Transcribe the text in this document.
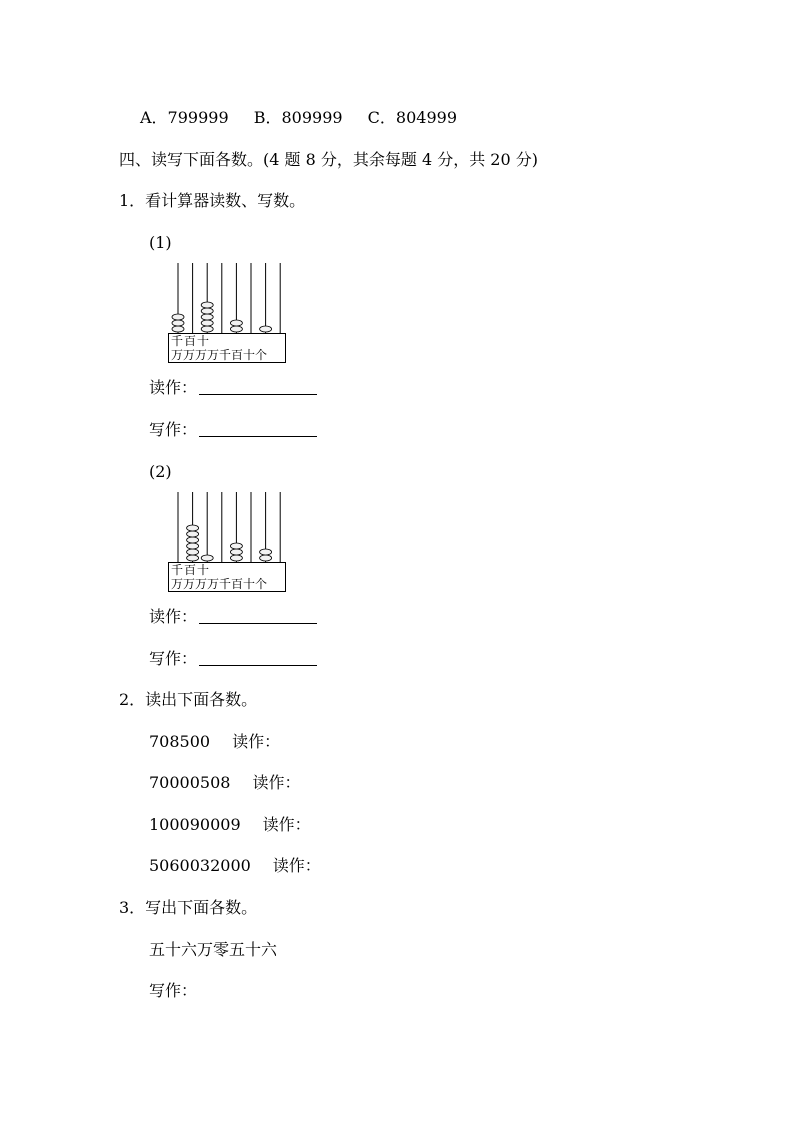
A．799999 B．809999 C．804999
四、读写下面各数。(4 题 8 分，其余每题 4 分，共 20 分)
1．看计算器读数、写数。
(1)
千百十
万万万万千百十个
读作：
写作：
(2)
千百十
万万万万千百十个
读作：
写作：
2．读出下面各数。
708500 读作：
70000508 读作：
100090009 读作：
5060032000 读作：
3．写出下面各数。
五十六万零五十六
写作：
